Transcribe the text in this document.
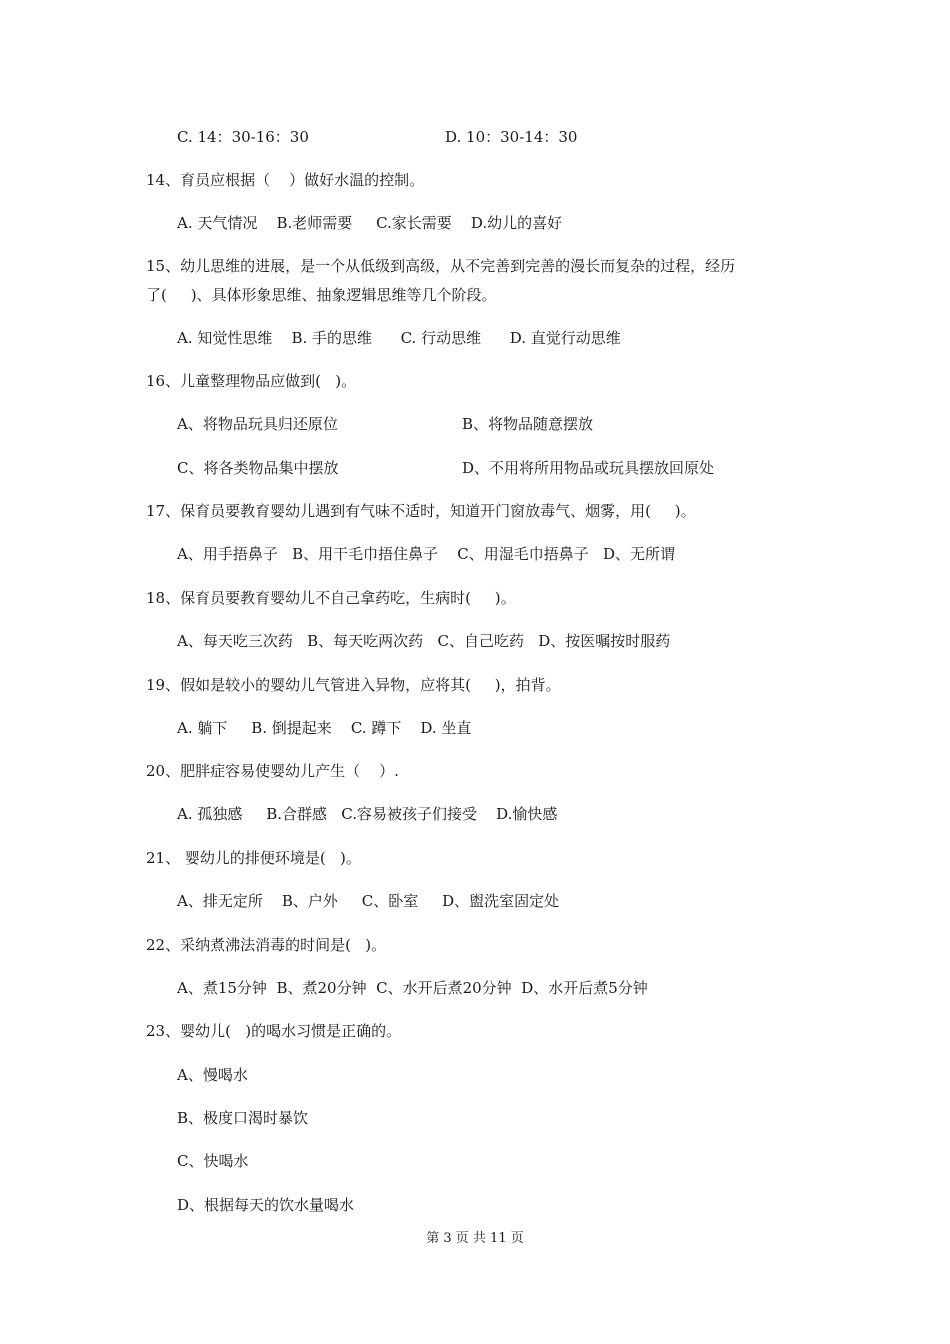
C. 14：30-16：30	D. 10：30-14：30
14、育员应根据（    ）做好水温的控制。
A. 天气情况    B.老师需要     C.家长需要    D.幼儿的喜好
15、幼儿思维的进展，是一个从低级到高级，从不完善到完善的漫长而复杂的过程，经历
了(     )、具体形象思维、抽象逻辑思维等几个阶段。
A. 知觉性思维    B. 手的思维      C. 行动思维      D. 直觉行动思维
16、儿童整理物品应做到(   )。
A、将物品玩具归还原位	B、将物品随意摆放
C、将各类物品集中摆放	D、不用将所用物品或玩具摆放回原处
17、保育员要教育婴幼儿遇到有气味不适时，知道开门窗放毒气、烟雾，用(     )。
A、用手捂鼻子   B、用干毛巾捂住鼻子    C、用湿毛巾捂鼻子   D、无所谓
18、保育员要教育婴幼儿不自己拿药吃，生病时(     )。
A、每天吃三次药   B、每天吃两次药   C、自己吃药   D、按医嘱按时服药
19、假如是较小的婴幼儿气管进入异物，应将其(     )，拍背。
A. 躺下     B. 倒提起来    C. 蹲下    D. 坐直
20、肥胖症容易使婴幼儿产生（    ）.
A. 孤独感     B.合群感   C.容易被孩子们接受    D.愉快感
21、 婴幼儿的排便环境是(   )。
A、排无定所    B、户外     C、卧室     D、盥洗室固定处
22、采纳煮沸法消毒的时间是(   )。
A、煮15分钟  B、煮20分钟  C、水开后煮20分钟  D、水开后煮5分钟
23、婴幼儿(   )的喝水习惯是正确的。
A、慢喝水
B、极度口渴时暴饮
C、快喝水
D、根据每天的饮水量喝水
第 3 页 共 11 页
